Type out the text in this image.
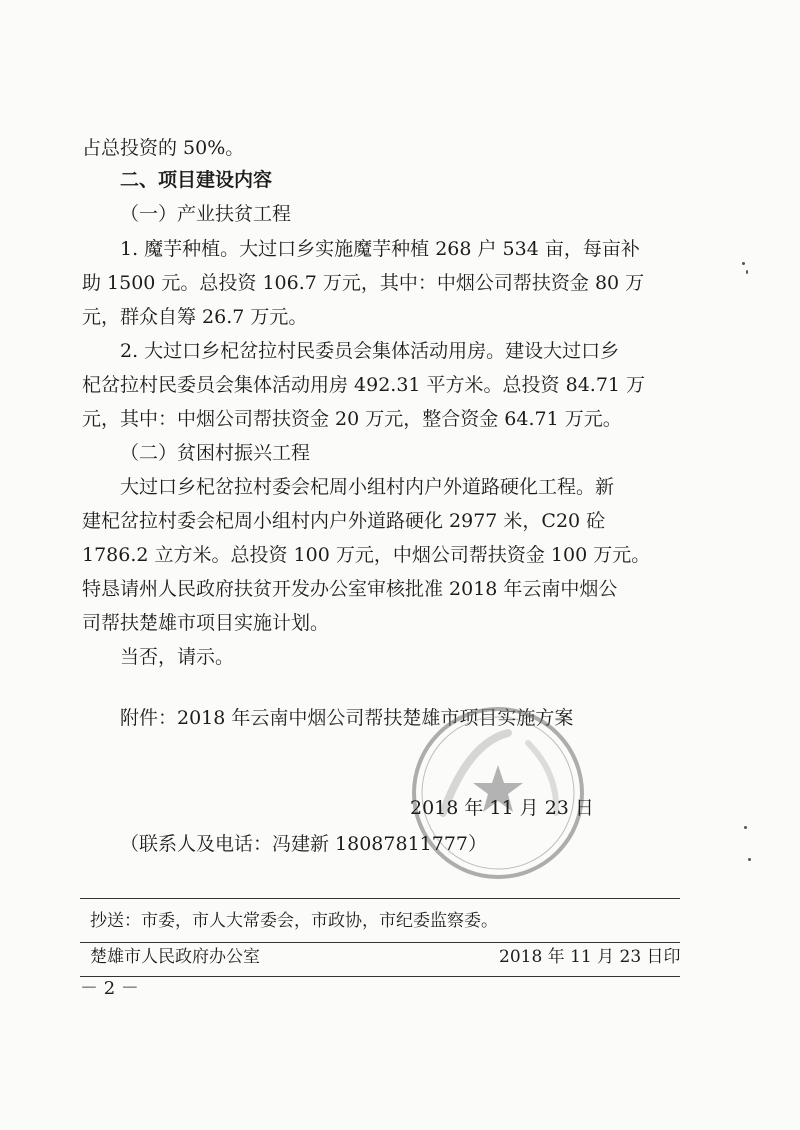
占总投资的 50%。
二、项目建设内容
（一）产业扶贫工程
1. 魔芋种植。大过口乡实施魔芋种植 268 户 534 亩，每亩补
助 1500 元。总投资 106.7 万元，其中：中烟公司帮扶资金 80 万
元，群众自筹 26.7 万元。
2. 大过口乡杞岔拉村民委员会集体活动用房。建设大过口乡
杞岔拉村民委员会集体活动用房 492.31 平方米。总投资 84.71 万
元，其中：中烟公司帮扶资金 20 万元，整合资金 64.71 万元。
（二）贫困村振兴工程
大过口乡杞岔拉村委会杞周小组村内户外道路硬化工程。新
建杞岔拉村委会杞周小组村内户外道路硬化 2977 米，C20 砼
1786.2 立方米。总投资 100 万元，中烟公司帮扶资金 100 万元。
特恳请州人民政府扶贫开发办公室审核批准 2018 年云南中烟公
司帮扶楚雄市项目实施计划。
当否，请示。
附件：2018 年云南中烟公司帮扶楚雄市项目实施方案
2018 年 11 月 23 日
（联系人及电话：冯建新 18087811777）
抄送：市委，市人大常委会，市政协，市纪委监察委。
楚雄市人民政府办公室	2018 年 11 月 23 日印
－ 2 －
